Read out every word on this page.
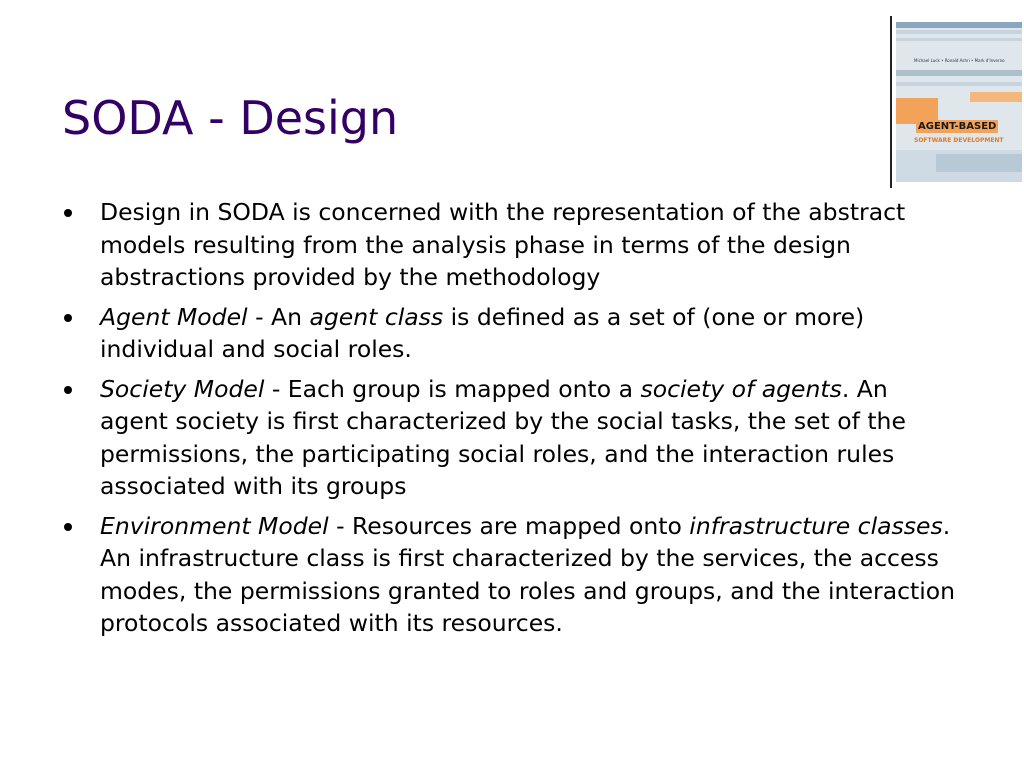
SODA - Design
Michael Luck • Ronald Ashri • Mark d'Inverno
AGENT-BASED
SOFTWARE DEVELOPMENT
Design in SODA is concerned with the representation of the abstract models resulting from the analysis phase in terms of the design abstractions provided by the methodology
Agent Model - An agent class is defined as a set of (one or more) individual and social roles.
Society Model - Each group is mapped onto a society of agents. An agent society is first characterized by the social tasks, the set of the permissions, the participating social roles, and the interaction rules associated with its groups
Environment Model - Resources are mapped onto infrastructure classes. An infrastructure class is first characterized by the services, the access modes, the permissions granted to roles and groups, and the interaction protocols associated with its resources.
